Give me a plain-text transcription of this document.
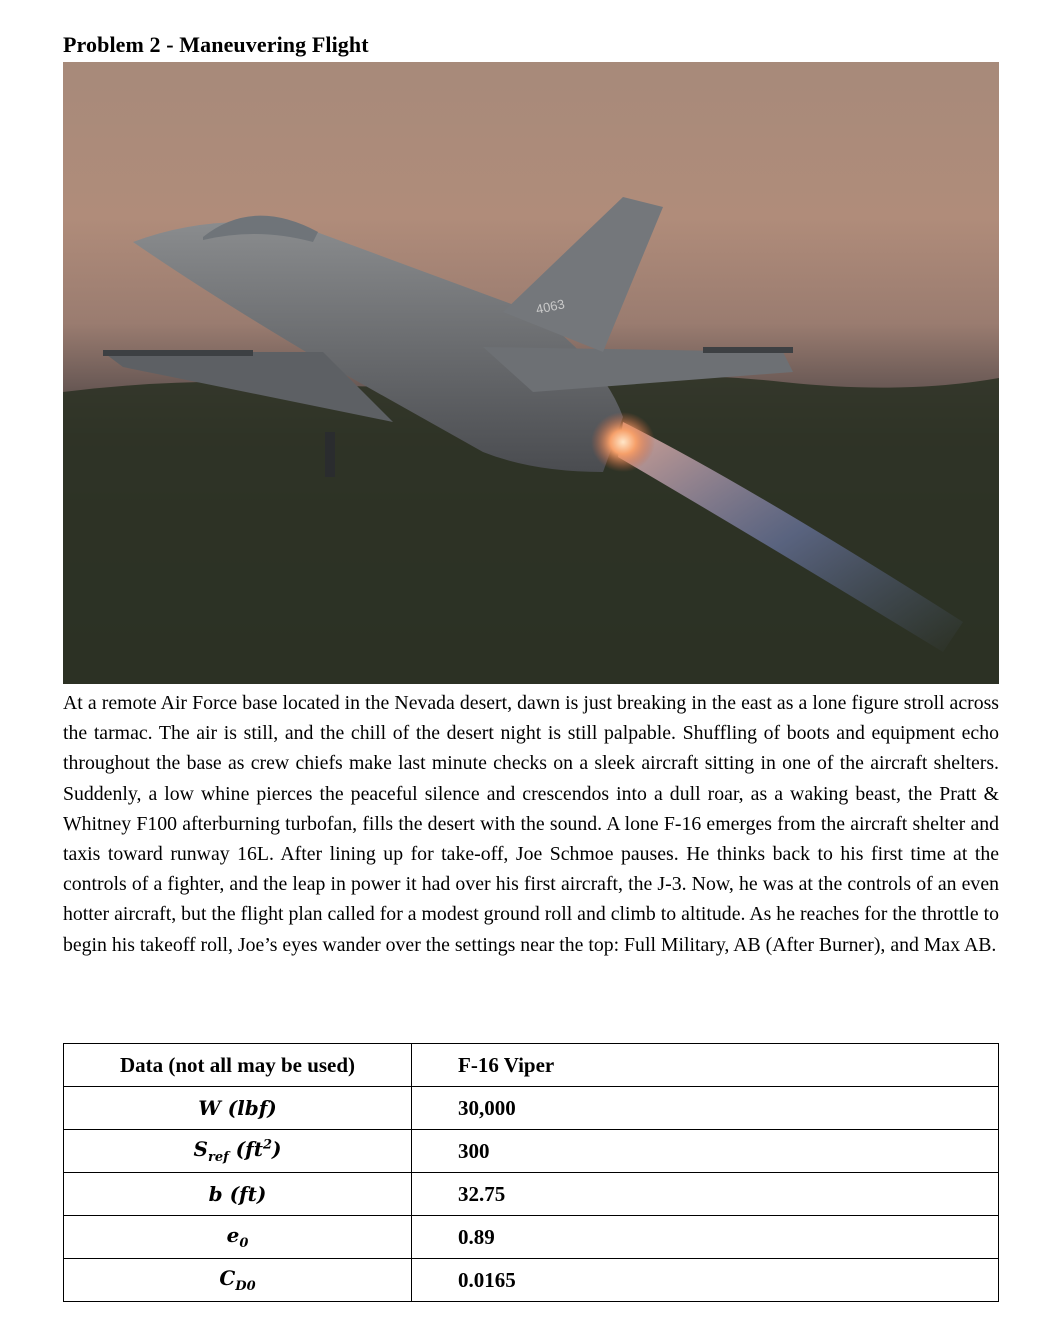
Problem 2 - Maneuvering Flight
4063
At a remote Air Force base located in the Nevada desert, dawn is just breaking in the east as a lone figure stroll across the tarmac. The air is still, and the chill of the desert night is still palpable. Shuffling of boots and equipment echo throughout the base as crew chiefs make last minute checks on a sleek aircraft sitting in one of the aircraft shelters. Suddenly, a low whine pierces the peaceful silence and crescendos into a dull roar, as a waking beast, the Pratt & Whitney F100 afterburning turbofan, fills the desert with the sound. A lone F-16 emerges from the aircraft shelter and taxis toward runway 16L. After lining up for take-off, Joe Schmoe pauses. He thinks back to his first time at the controls of a fighter, and the leap in power it had over his first aircraft, the J-3. Now, he was at the controls of an even hotter aircraft, but the flight plan called for a modest ground roll and climb to altitude. As he reaches for the throttle to begin his takeoff roll, Joe’s eyes wander over the settings near the top: Full Military, AB (After Burner), and Max AB.
Data (not all may be used)	F-16 Viper
W (lbf)	30,000
$S_{ref}$ $(ft^2)$	300
b (ft)	32.75
$e_0$	0.89
$C_{D0}$	0.0165
